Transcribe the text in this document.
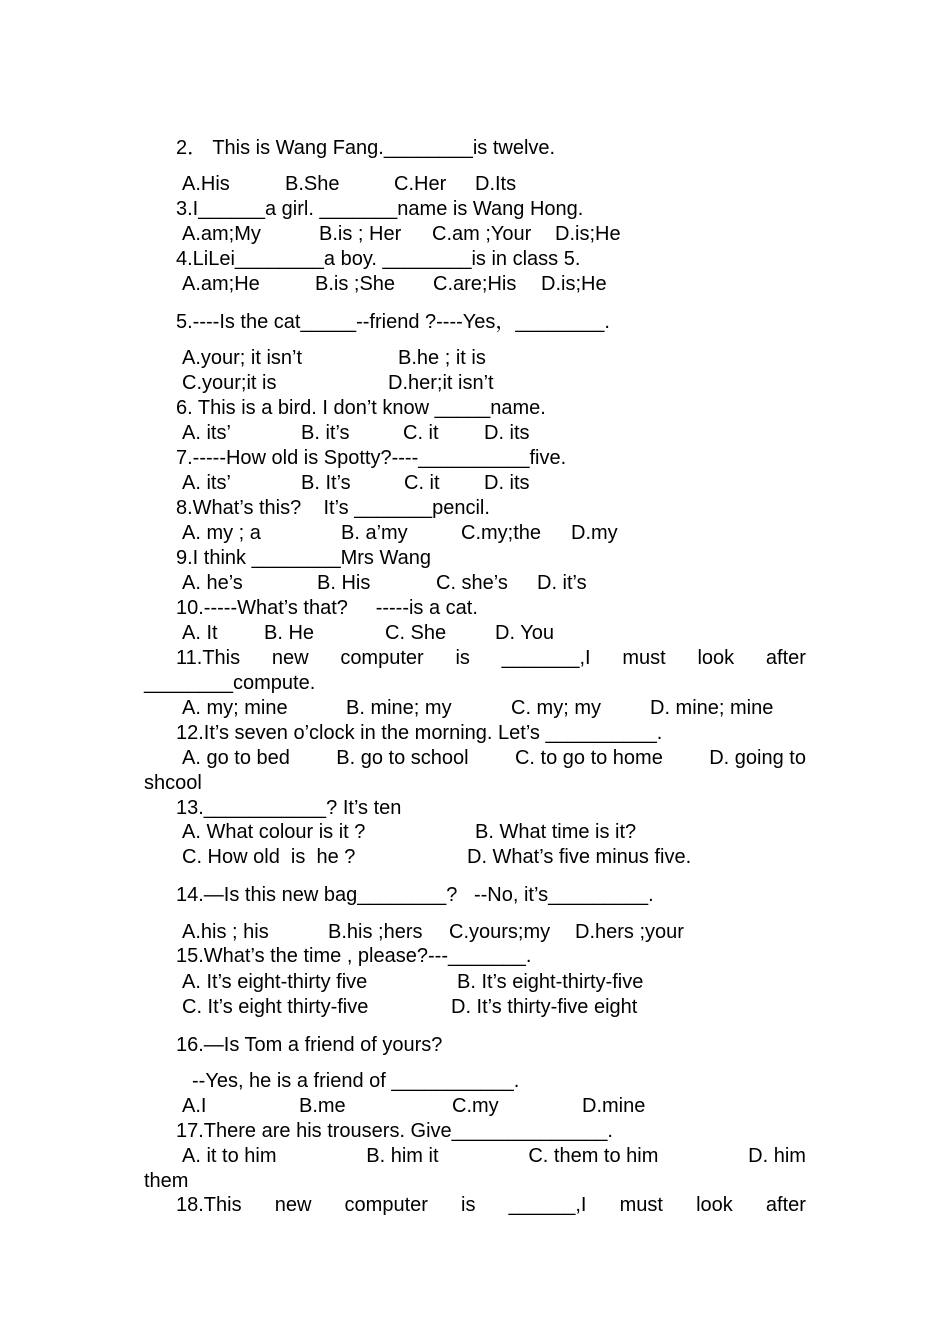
2． This is Wang Fang.________is twelve.
A.His	B.She	C.Her D.Its
3.I______a girl. _______name is Wang Hong.
A.am;My	B.is ; Her C.am ;Your D.is;He
4.LiLei________a boy. ________is in class 5.
A.am;He	B.is ;She C.are;His D.is;He
5.----Is the cat_____--friend ?----Yes，________.
A.your; it isn’t	B.he ; it is
C.your;it is	D.her;it isn’t
6. This is a bird. I don’t know _____name.
A. its’	B. it’s	C. it D. its
7.-----How old is Spotty?----__________five.
A. its’	B. It’s	C. it D. its
8.What’s this?    It’s _______pencil.
A. my ; a	B. a’my	C.my;the D.my
9.I think ________Mrs Wang
A. he’s	B. His	C. she’s D. it’s
10.-----What’s that?     -----is a cat.
A. It B. He	C. She D. You
11.This new computer is _______,I must look after
________compute.
A. my; mine	B. mine; my	C. my; my D. mine; mine
12.It’s seven o’clock in the morning. Let’s __________.
A. go to bed B. go to school C. to go to home D. going to
shcool
13.___________? It’s ten
A. What colour is it ?	B. What time is it?
C. How old  is  he ?	D. What’s five minus five.
14.—Is this new bag________?   --No, it’s_________.
A.his ; his	B.his ;hers C.yours;my D.hers ;your
15.What’s the time , please?---_______.
A. It’s eight-thirty five	B. It’s eight-thirty-five
C. It’s eight thirty-five	D. It’s thirty-five eight
16.—Is Tom a friend of yours?
--Yes, he is a friend of ___________.
A.I	B.me	C.my	D.mine
17.There are his trousers. Give______________.
A. it to him	B. him it	C. them to him	D. him
them
18.This new computer is ______,I must look after
